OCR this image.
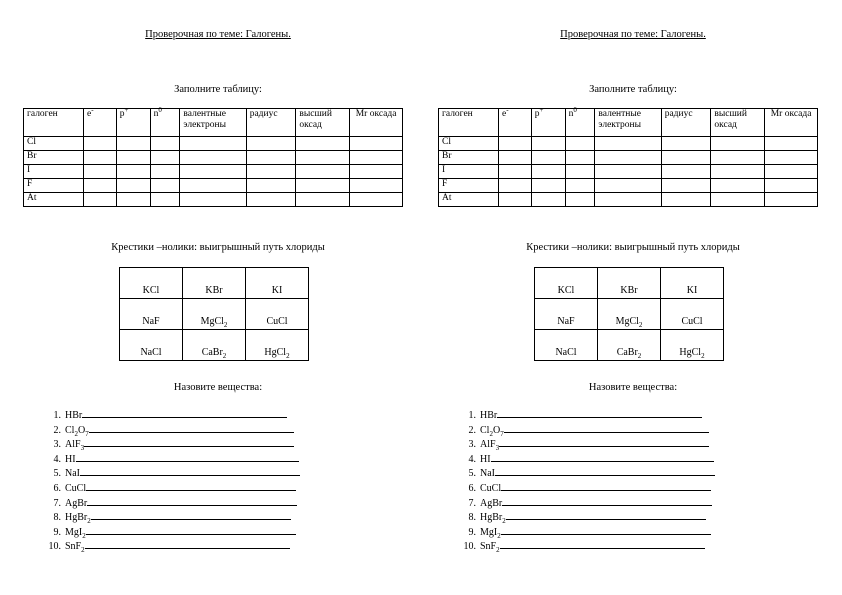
Проверочная по теме: Галогены.
Заполните таблицу:
галоген	e-	p+	$n^0$	валентные электроны	радиус	высший оксад	Mr оксада
Cl							
Br							
I							
F							
At							
Крестики –нолики: выигрышный путь хлориды
KCl	KBr	KI
NaF	MgCl$_2$	CuCl
NaCl	CaBr$_2$	HgCl$_2$
Назовите вещества:
1. HBr
2. $Cl_2O_7$
3. AlF$_3$
4. HI
5. NaI
6. CuCl
7. AgBr
8. HgBr$_2$
9. MgI$_2$
10. SnF$_2$
Проверочная по теме: Галогены.
Заполните таблицу:
галоген	e-	p+	$n^0$	валентные электроны	радиус	высший оксад	Mr оксада
Cl							
Br							
I							
F							
At							
Крестики –нолики: выигрышный путь хлориды
KCl	KBr	KI
NaF	MgCl$_2$	CuCl
NaCl	CaBr$_2$	HgCl$_2$
Назовите вещества:
1. HBr
2. $Cl_2O_7$
3. AlF$_3$
4. HI
5. NaI
6. CuCl
7. AgBr
8. HgBr$_2$
9. MgI$_2$
10. SnF$_2$
